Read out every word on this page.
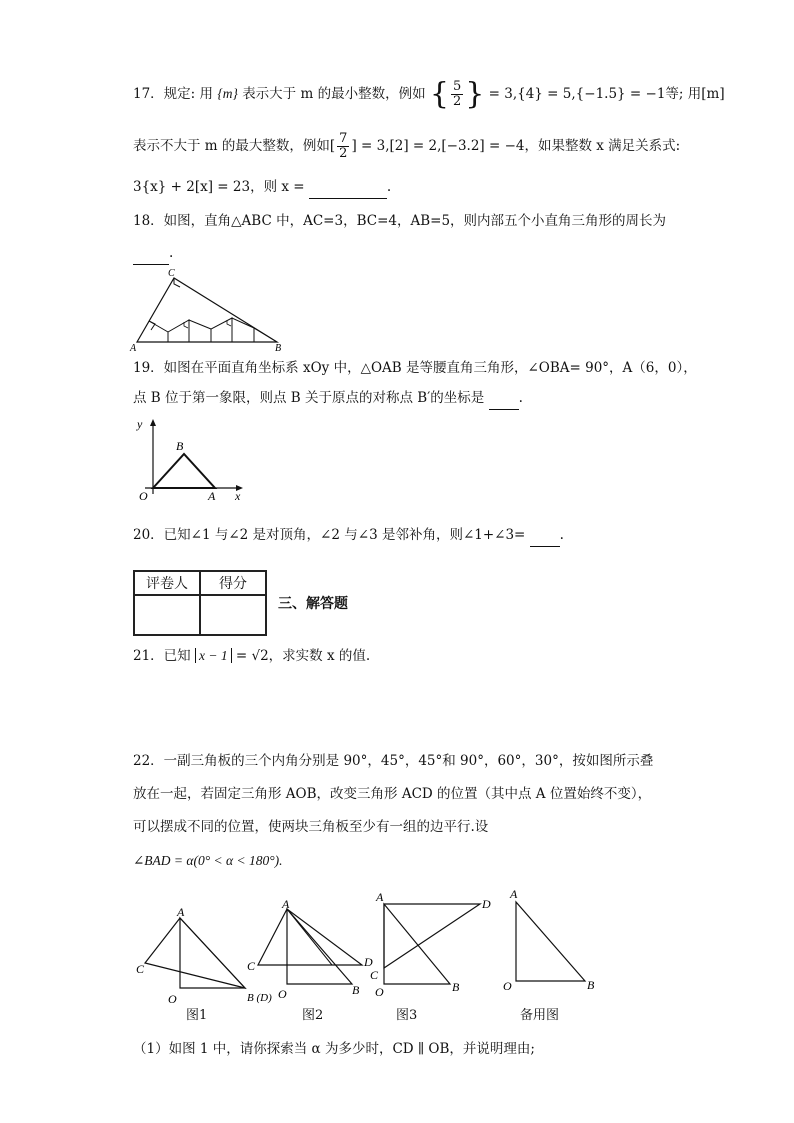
17．规定: 用 {m} 表示大于 m 的最小整数，例如 { $\frac{5}{2}$ } = 3,{4} = 5,{−1.5} = −1等; 用[m]
表示不大于 m 的最大整数，例如[ $\frac{7}{2}$ ] = 3,[2] = 2,[−3.2] = −4，如果整数 x 满足关系式:
3{x} + 2[x] = 23，则 x =	.
18．如图，直角△ABC 中，AC=3，BC=4，AB=5，则内部五个小直角三角形的周长为
.
C
A	B
19．如图在平面直角坐标系 xOy 中，△OAB 是等腰直角三角形，∠OBA= 90°，A（6，0），
点 B 位于第一象限，则点 B 关于原点的对称点 B′的坐标是	.
y
x
O	A
B
20．已知∠1 与∠2 是对顶角，∠2 与∠3 是邻补角，则∠1+∠3=	.
评卷人	得分

三、解答题
21．已知 x − 1 = √2，求实数 x 的值.
22．一副三角板的三个内角分别是 90°，45°，45°和 90°，60°，30°，按如图所示叠
放在一起，若固定三角形 AOB，改变三角形 ACD 的位置（其中点 A 位置始终不变），
可以摆成不同的位置，使两块三角板至少有一组的边平行.设
∠BAD = α(0° < α < 180°).
A
C
O	B (D)
A
C	D
O	B
A	D
C
O	B
A
O	B
图1	图2	图3	备用图
（1）如图 1 中，请你探索当 α 为多少时，CD ∥ OB，并说明理由;
